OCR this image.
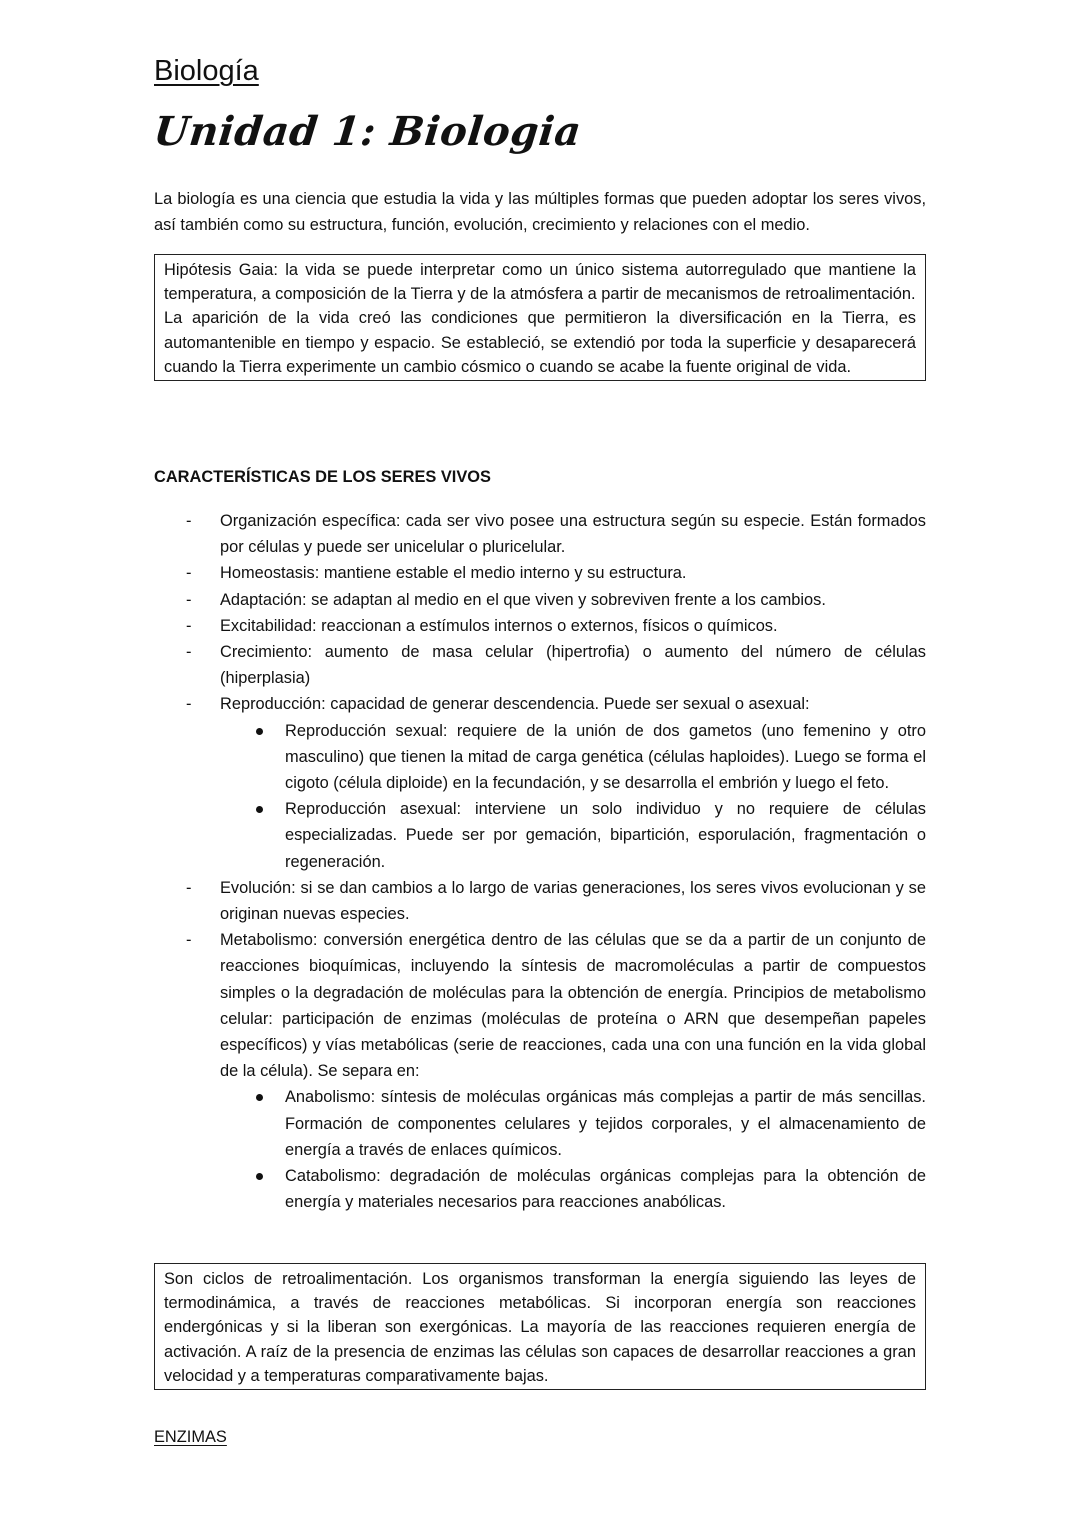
Biología
Unidad 1: Biologia

La biología es una ciencia que estudia la vida y las múltiples formas que pueden adoptar los seres vivos, así también como su estructura, función, evolución, crecimiento y relaciones con el medio.

Hipótesis Gaia: la vida se puede interpretar como un único sistema autorregulado que mantiene la temperatura, a composición de la Tierra y de la atmósfera a partir de mecanismos de retroalimentación.

La aparición de la vida creó las condiciones que permitieron la diversificación en la Tierra, es automantenible en tiempo y espacio. Se estableció, se extendió por toda la superficie y desaparecerá cuando la Tierra experimente un cambio cósmico o cuando se acabe la fuente original de vida.

CARACTERÍSTICAS DE LOS SERES VIVOS
- Organización específica: cada ser vivo posee una estructura según su especie. Están formados por células y puede ser unicelular o pluricelular.
- Homeostasis: mantiene estable el medio interno y su estructura.
- Adaptación: se adaptan al medio en el que viven y sobreviven frente a los cambios.
- Excitabilidad: reaccionan a estímulos internos o externos, físicos o químicos.
- Crecimiento: aumento de masa celular (hipertrofia) o aumento del número de células (hiperplasia)
- Reproducción: capacidad de generar descendencia. Puede ser sexual o asexual:
Reproducción sexual: requiere de la unión de dos gametos (uno femenino y otro masculino) que tienen la mitad de carga genética (células haploides). Luego se forma el cigoto (célula diploide) en la fecundación, y se desarrolla el embrión y luego el feto.
Reproducción asexual: interviene un solo individuo y no requiere de células especializadas. Puede ser por gemación, bipartición, esporulación, fragmentación o regeneración.
- Evolución: si se dan cambios a lo largo de varias generaciones, los seres vivos evolucionan y se originan nuevas especies.
- Metabolismo: conversión energética dentro de las células que se da a partir de un conjunto de reacciones bioquímicas, incluyendo la síntesis de macromoléculas a partir de compuestos simples o la degradación de moléculas para la obtención de energía. Principios de metabolismo celular: participación de enzimas (moléculas de proteína o ARN que desempeñan papeles específicos) y vías metabólicas (serie de reacciones, cada una con una función en la vida global de la célula). Se separa en:
Anabolismo: síntesis de moléculas orgánicas más complejas a partir de más sencillas. Formación de componentes celulares y tejidos corporales, y el almacenamiento de energía a través de enlaces químicos.
Catabolismo: degradación de moléculas orgánicas complejas para la obtención de energía y materiales necesarios para reacciones anabólicas.

Son ciclos de retroalimentación. Los organismos transforman la energía siguiendo las leyes de termodinámica, a través de reacciones metabólicas. Si incorporan energía son reacciones endergónicas y si la liberan son exergónicas. La mayoría de las reacciones requieren energía de activación. A raíz de la presencia de enzimas las células son capaces de desarrollar reacciones a gran velocidad y a temperaturas comparativamente bajas.

ENZIMAS
